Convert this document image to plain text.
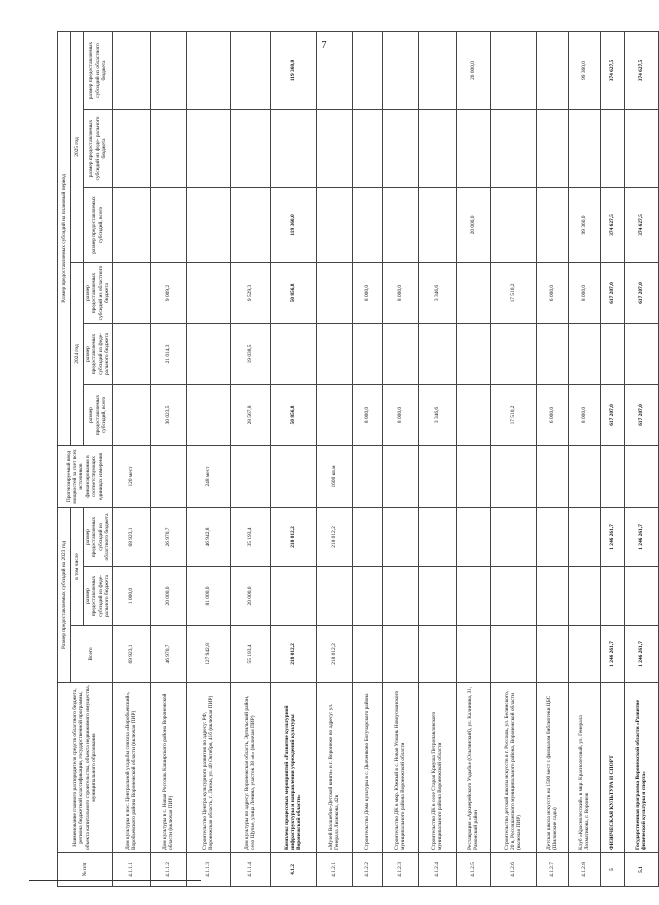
7
№ п/п	Наименование главного распорядителя средств областного бюджета, региона бюджетной классификации, государственной программы, объекта капитального строительства, объекта недвижимого имущества, муниципального образования	Размер предоставляемых субсидий на 2023 год			Прогнозируемый ввод мощностей за счет всех источников финансирования в соответствующих единицах измерения	Размер предоставляемых субсидий на плановый период					
		Всего	в том числе			2024 год			2025 год		
			размер предоставляемых субсидий из феде- рального бюджета	размер предоставляемых субсидий из областного бюджета		размер предоставляемых субсидий, всего	размер предоставляемых субсидий из феде- рального бюджета	размер предоставляемых субсидий из областного бюджета	размер предоставляемых субсидий, всего	размер предоставляемых субсидий из феде- рального бюджета	размер предоставляемых субсидий из областного бюджета
4.1.1.1	Дом культуры в пос. Центральной усадьбы совхоза «Воробьевский», Воробьевского района Воронежской области (включая ПИР)	69 923,1	1 000,0	68 923,1	120 мест						
4.1.1.2	Дом культуры в с. Новая Россошь Каширского района Воронежской области (включая ПИР)	46 970,7	20 000,0	26 970,7		30 023,5	21 014,3	9 009,2			
4.1.1.3	Строительство Центра культурного развития по адресу: РФ, Воронежская область, г. Лиски, ул. 40 Октября, 41б (включая ПИР)	127 942,8	81 000,0	46 942,8	248 мест						
4.1.1.4	Дом культуры по адресу: Воронежская область, Эртильский район, село Щучье, улица Ленина, участок 38 «в» (включая ПИР)	55 193,4	20 000,0	35 193,4		28 567,8	19 038,5	9 529,3			
4.1.2	Комплекс процессных мероприятий «Развитие культурной инфраструктуры и направления учреждений культуры Воронежской области»	218 012,2		218 012,2		50 856,8		50 856,8	119 360,0		119 360,0
4.1.2.1	«Музей Волшебно-Детской книги» в г. Воронеже по адресу: ул. Генерала Лизюкова, 42в	218 012,2		218 012,2	1600 кв.м						
4.1.2.2	Строительство Дома культуры в с. Дьяченково Богучарского района					8 000,0		8 000,0			
4.1.2.3	Строительство ДК в мкр. Южный в с. Новая Усмань Новоусманского муниципального района Воронежской области					8 000,0		8 000,0			
4.1.2.4	Строительство ДК в селе Старая Криуша Петропавловского муниципального района Воронежской области					3 346,6		3 346,6			
4.1.2.5	Реставрация «Архиерейского Уздыбье (Ольгинский), ул. Калинина, 31, Рамонский район								20 000,0		20 000,0
4.1.2.6	Строительство детской школы искусств в г. Россошь, ул. Белинского, 20 в, Россошанского муниципального района, Воронежской области (включая ПИР)					17 510,2		17 510,2			
4.1.2.7	Детская школа искусств на 1500 мест с филиалом библиотеки ЦБС (Шиловские сады)					6 000,0		6 000,0			
4.1.2.8	Клуб «Краснолесский» в мкр. Краснолесный, ул. Генерала Лохматикова, г. Воронеж					8 000,0		8 000,0	99 360,0		99 360,0
5	ФИЗИЧЕСКАЯ КУЛЬТУРА И СПОРТ	1 246 261,7		1 246 261,7		617 207,0		617 207,0	374 627,5		374 627,5
5.1	Государственная программа Воронежской области «Развитие физической культуры и спорта»	1 246 261,7		1 246 261,7		617 207,0		617 207,0	374 627,5		374 627,5
